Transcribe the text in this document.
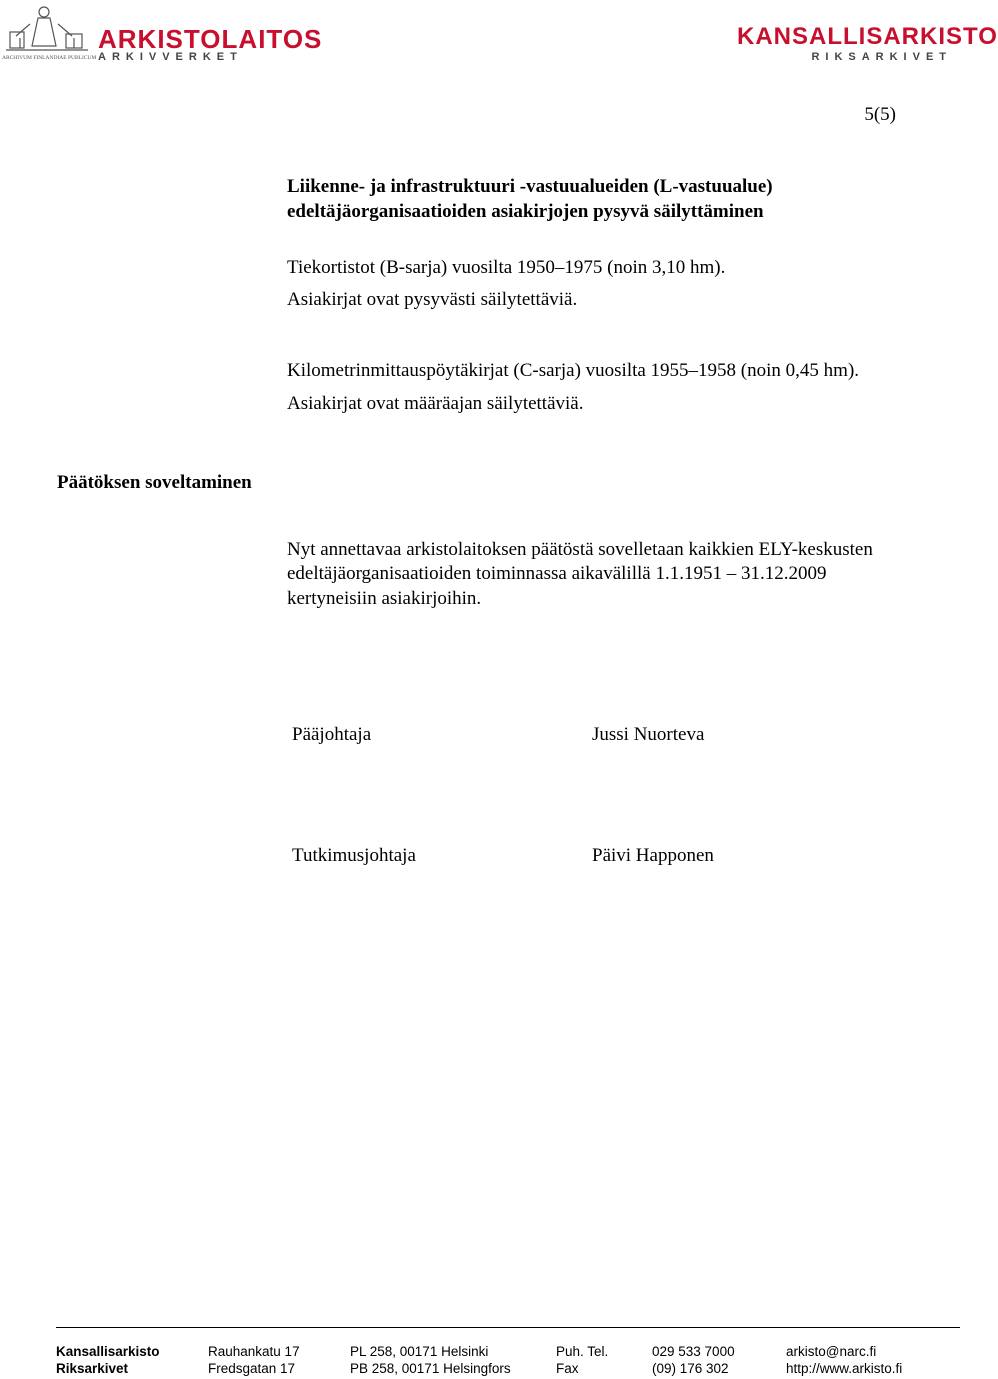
ARKISTOLAITOS
ARKIVVERKET
ARCHIVUM FINLANDIAE PUBLICUM
KANSALLISARKISTO
RIKSARKIVET
5(5)
Liikenne- ja infrastruktuuri -vastuualueiden (L-vastuualue)
edeltäjäorganisaatioiden asiakirjojen pysyvä säilyttäminen
Tiekortistot (B-sarja) vuosilta 1950–1975 (noin 3,10 hm).
Asiakirjat ovat pysyvästi säilytettäviä.
Kilometrinmittauspöytäkirjat (C-sarja) vuosilta 1955–1958 (noin 0,45 hm).
Asiakirjat ovat määräajan säilytettäviä.
Päätöksen soveltaminen
Nyt annettavaa arkistolaitoksen päätöstä sovelletaan kaikkien ELY-keskusten
edeltäjäorganisaatioiden toiminnassa aikavälillä 1.1.1951 – 31.12.2009
kertyneisiin asiakirjoihin.
Pääjohtaja	Jussi Nuorteva
Tutkimusjohtaja	Päivi Happonen
Kansallisarkisto	Rauhankatu 17	PL 258, 00171 Helsinki	Puh. Tel.	029 533 7000	arkisto@narc.fi
Riksarkivet	Fredsgatan 17	PB 258, 00171 Helsingfors	Fax	(09) 176 302	http://www.arkisto.fi
